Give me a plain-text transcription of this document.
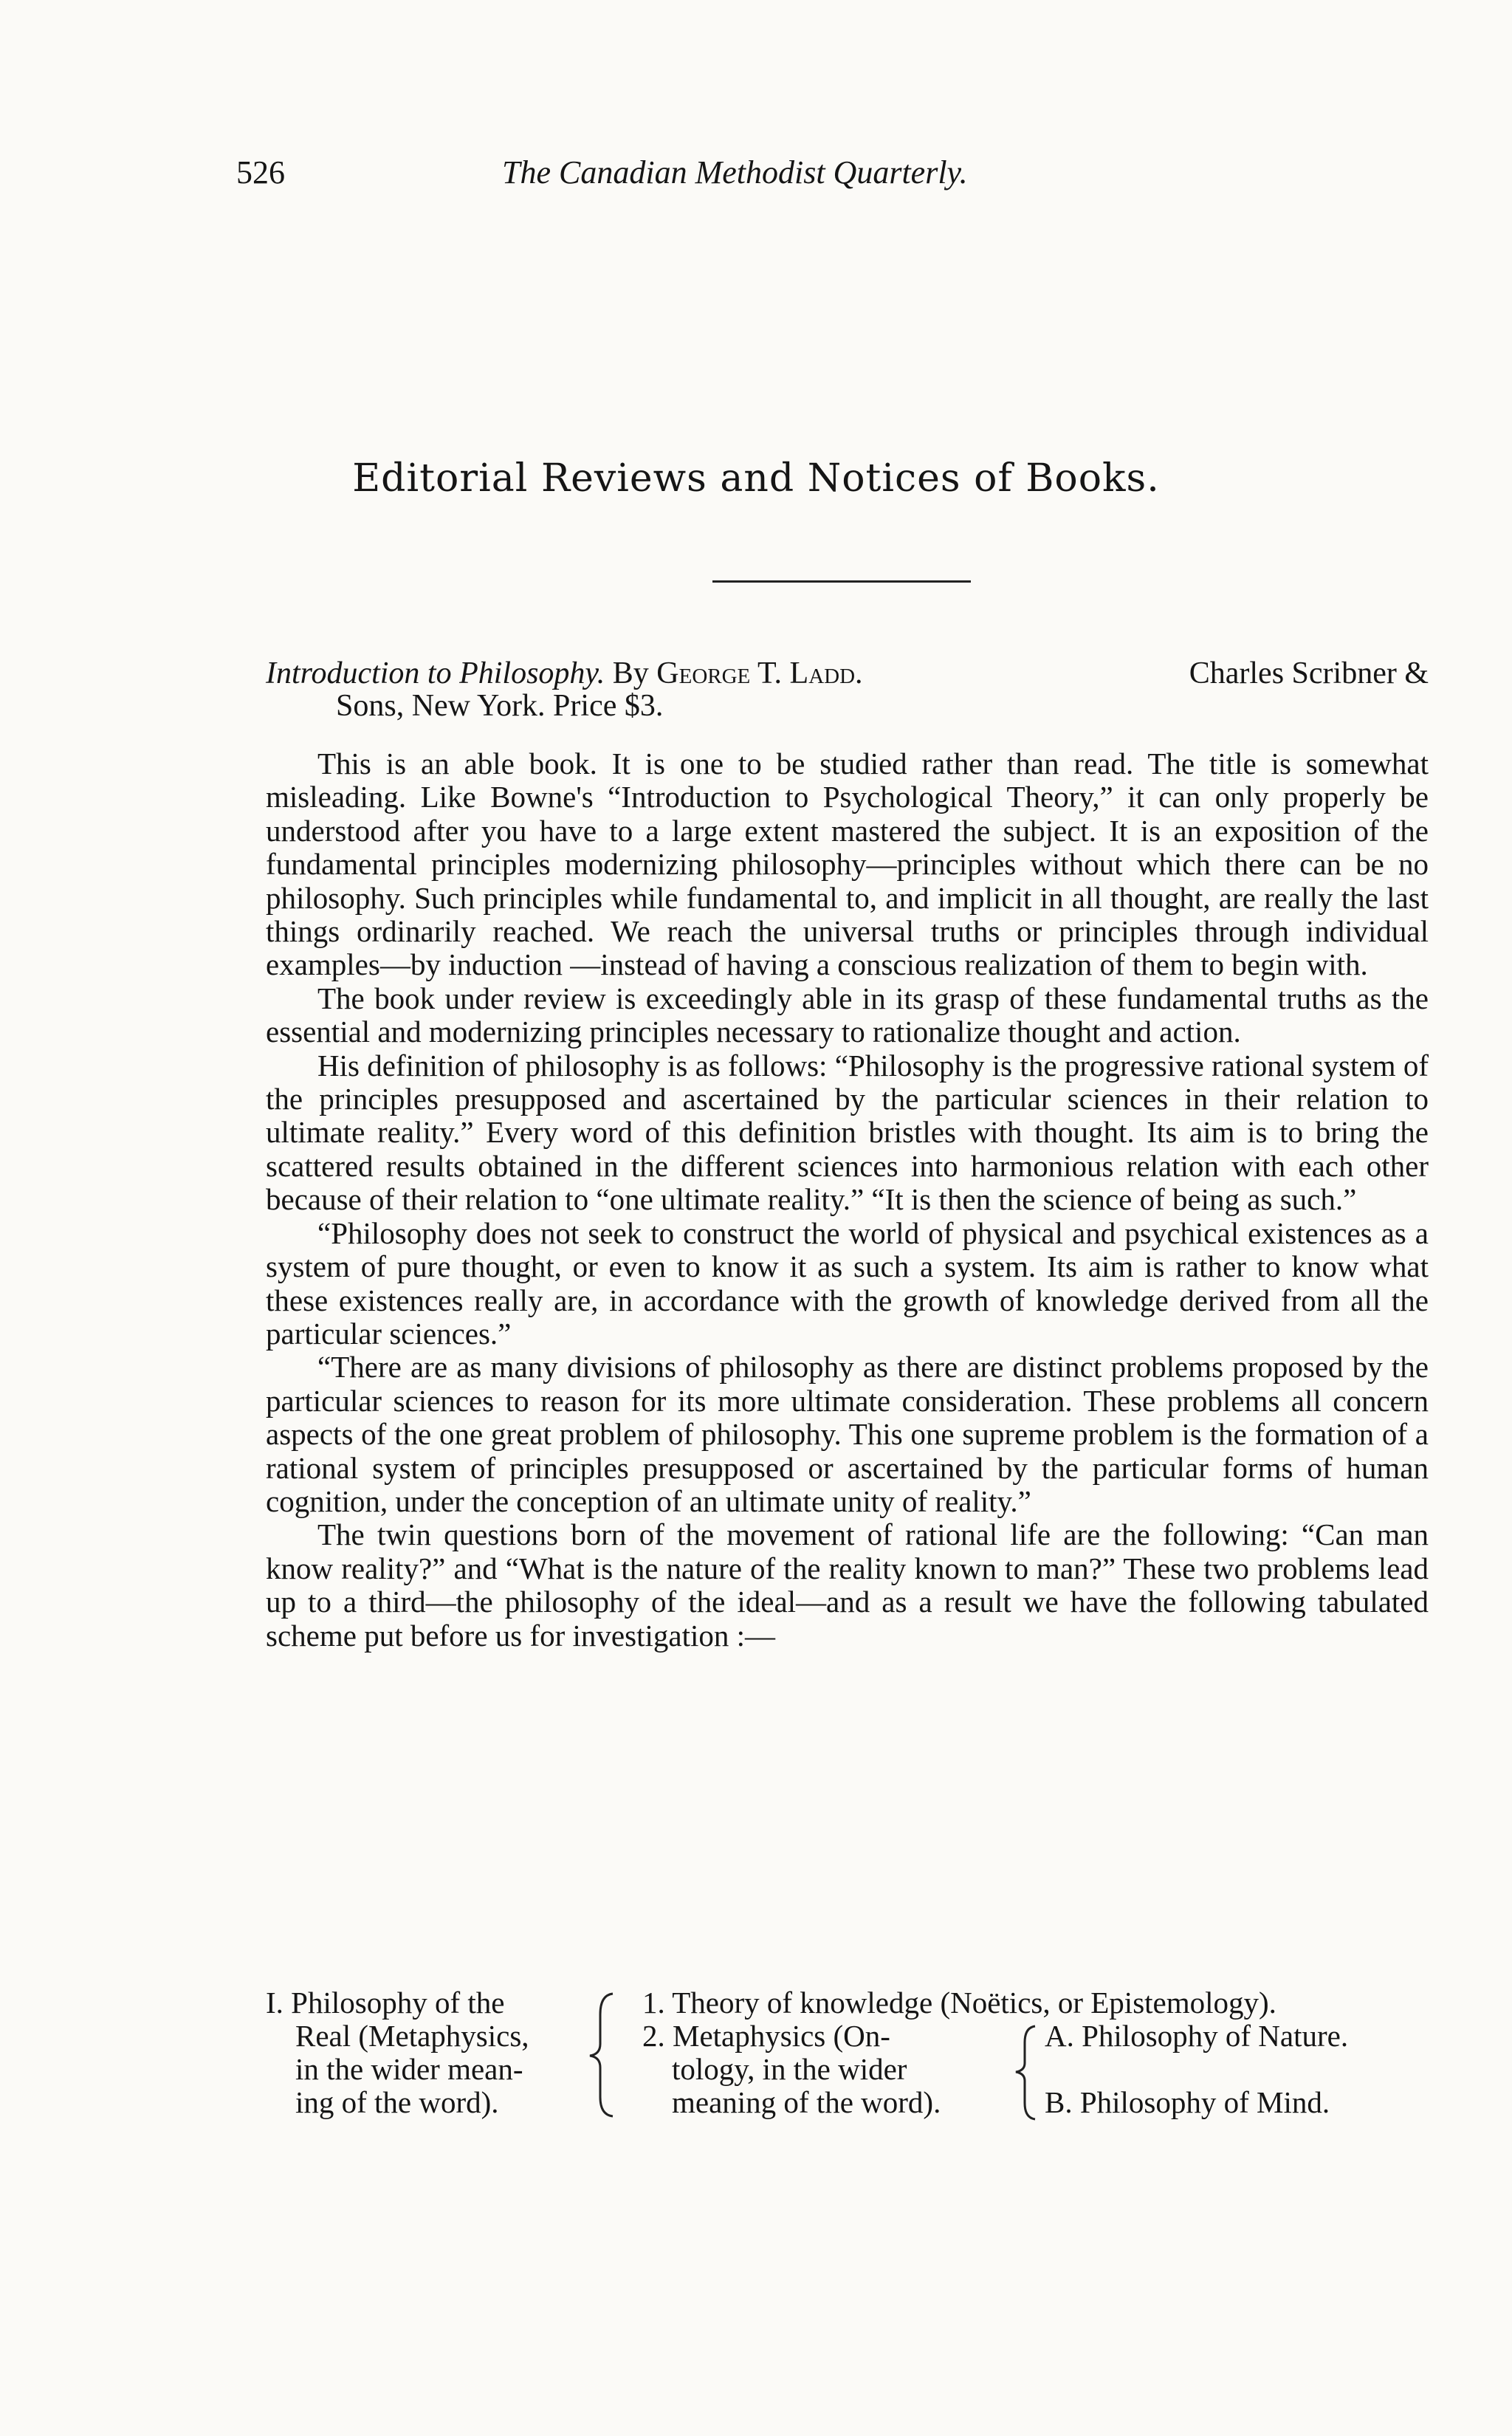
526	The Canadian Methodist Quarterly.
Editorial Reviews and Notices of Books.
Introduction to Philosophy. By George T. Ladd.	Charles Scribner &
Sons, New York. Price $3.

This is an able book. It is one to be studied rather than read. The title is somewhat misleading. Like Bowne's “Introduction to Psychological Theory,” it can only properly be understood after you have to a large extent mastered the subject. It is an exposition of the fundamental principles modernizing philosophy—principles without which there can be no philosophy. Such principles while fundamental to, and implicit in all thought, are really the last things ordinarily reached. We reach the universal truths or principles through individual examples—by induction —instead of having a conscious realization of them to begin with.

The book under review is exceedingly able in its grasp of these fundamental truths as the essential and modernizing principles necessary to rationalize thought and action.

His definition of philosophy is as follows: “Philosophy is the progressive rational system of the principles presupposed and ascertained by the particular sciences in their relation to ultimate reality.” Every word of this definition bristles with thought. Its aim is to bring the scattered results obtained in the different sciences into harmonious relation with each other because of their relation to “one ultimate reality.” “It is then the science of being as such.”

“Philosophy does not seek to construct the world of physical and psychical existences as a system of pure thought, or even to know it as such a system. Its aim is rather to know what these existences really are, in accordance with the growth of knowledge derived from all the particular sciences.”

“There are as many divisions of philosophy as there are distinct problems proposed by the particular sciences to reason for its more ultimate consideration. These problems all concern aspects of the one great problem of philosophy. This one supreme problem is the formation of a rational system of principles presupposed or ascertained by the particular forms of human cognition, under the conception of an ultimate unity of reality.”

The twin questions born of the movement of rational life are the following: “Can man know reality?” and “What is the nature of the reality known to man?” These two problems lead up to a third—the philosophy of the ideal—and as a result we have the following tabulated scheme put before us for investigation :—

I. Philosophy of the
Real (Metaphysics,
in the wider mean-
ing of the word).
1. Theory of knowledge (Noëtics, or Epistemology).
2. Metaphysics (On-
tology, in the wider
meaning of the word).
A. Philosophy of Nature.
B. Philosophy of Mind.
